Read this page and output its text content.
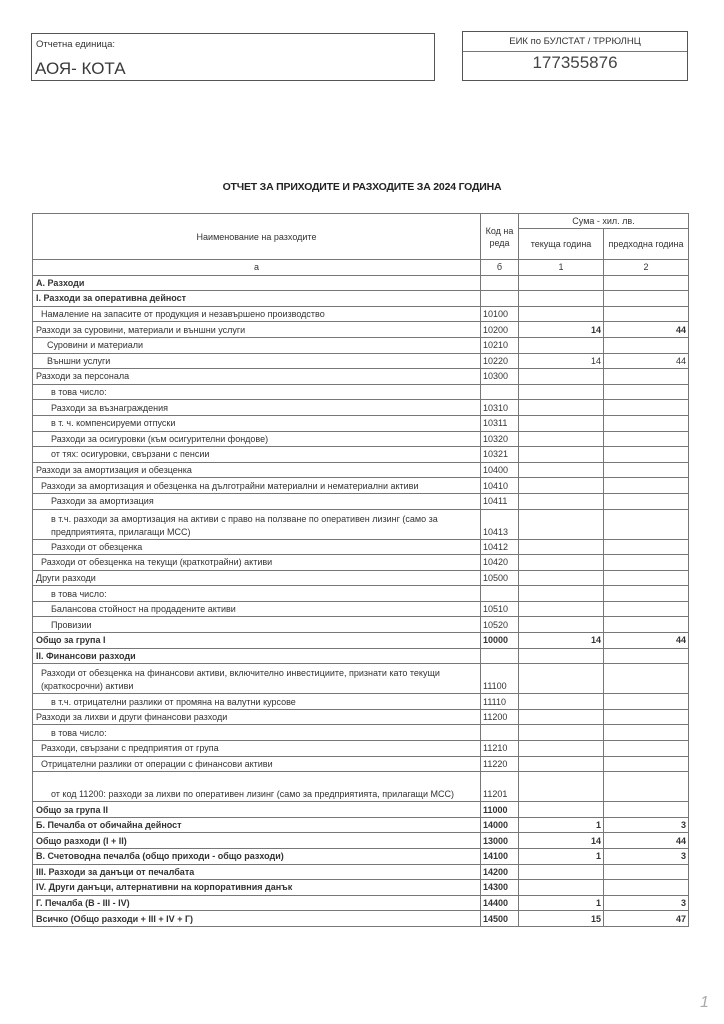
Отчетна единица:
АОЯ- КОТА
ЕИК по БУЛСТАТ / ТРРЮЛНЦ
177355876
ОТЧЕТ ЗА ПРИХОДИТЕ И РАЗХОДИТЕ ЗА 2024 ГОДИНА
Наименование на разходите	Код на реда	Сума - хил. лв.	
		текуща година	предходна година
а	б	1	2
А. Разходи			
I. Разходи за оперативна дейност			
Намаление на запасите от продукция и незавършено производство	10100		
Разходи за суровини, материали и външни услуги	10200	14	44
Суровини и материали	10210		
Външни услуги	10220	14	44
Разходи за персонала	10300		
в това число:			
Разходи за възнаграждения	10310		
в т. ч. компенсируеми отпуски	10311		
Разходи за осигуровки (към осигурителни фондове)	10320		
от тях: осигуровки, свързани с пенсии	10321		
Разходи за амортизация и обезценка	10400		
Разходи за амортизация и обезценка на дълготрайни материални и нематериални активи	10410		
Разходи за амортизация	10411		
в т.ч. разходи за амортизация на активи с право на ползване по оперативен лизинг (само за предприятията, прилагащи МСС)	10413		
Разходи от обезценка	10412		
Разходи от обезценка на текущи (краткотрайни) активи	10420		
Други разходи	10500		
в това число:			
Балансова стойност на продадените активи	10510		
Провизии	10520		
Общо за група I	10000	14	44
II. Финансови разходи			
Разходи от обезценка на финансови активи, включително инвестициите, признати като текущи (краткосрочни) активи	11100		
в т.ч. отрицателни разлики от промяна на валутни курсове	11110		
Разходи за лихви и други финансови разходи	11200		
в това число:			
Разходи, свързани с предприятия от група	11210		
Отрицателни разлики от операции с финансови активи	11220		
от код 11200: разходи за лихви по оперативен лизинг (само за предприятията, прилагащи МСС)	11201		
Общо за група II	11000		
Б. Печалба от обичайна дейност	14000	1	3
Общо разходи (I + II)	13000	14	44
В. Счетоводна печалба (общо приходи - общо разходи)	14100	1	3
III. Разходи за данъци от печалбата	14200		
IV. Други данъци, алтернативни на корпоративния данък	14300		
Г. Печалба (В - III - IV)	14400	1	3
Всичко (Общо разходи + III + IV + Г)	14500	15	47
1
